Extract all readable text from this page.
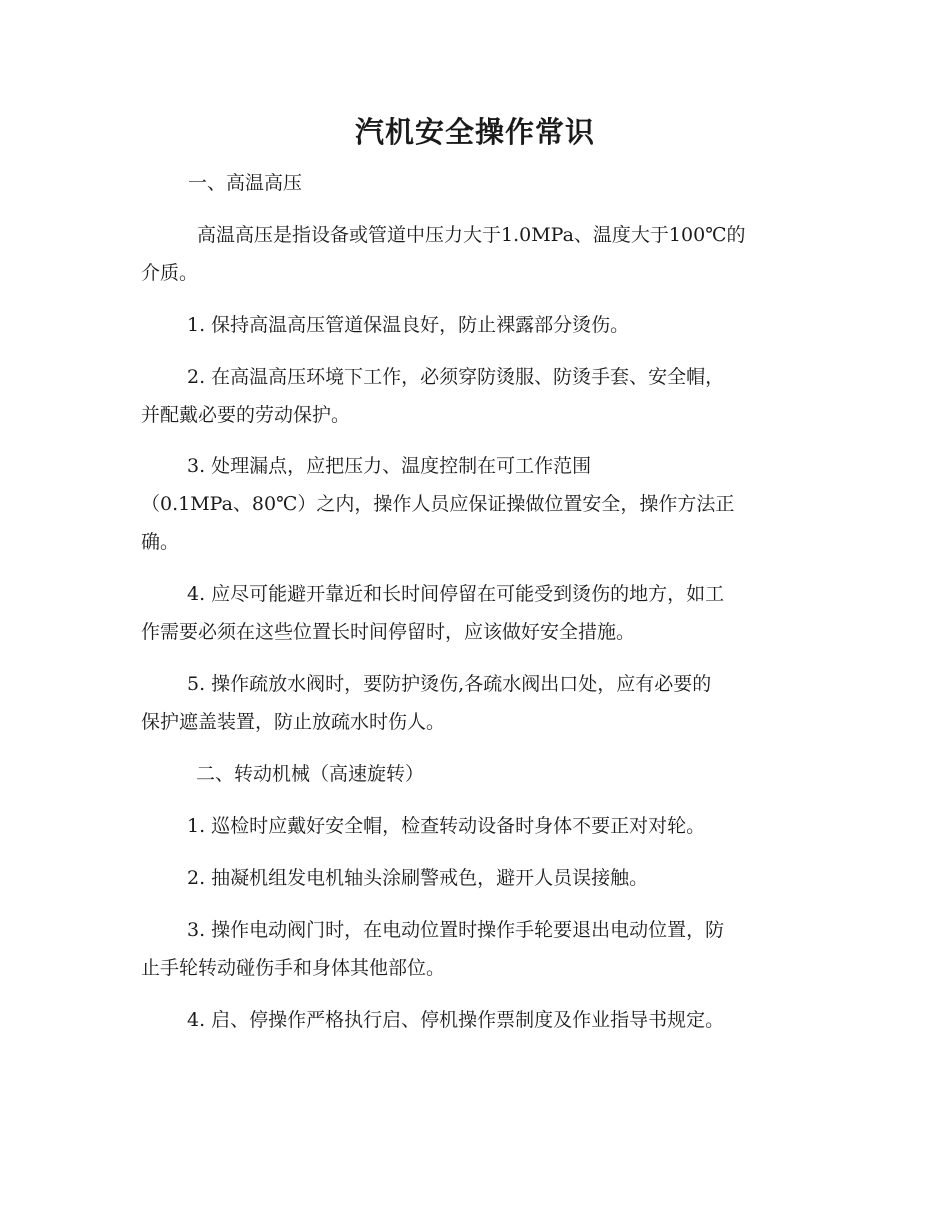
汽机安全操作常识
一、高温高压
高温高压是指设备或管道中压力大于1.0MPa、温度大于100℃的
介质。
1. 保持高温高压管道保温良好，防止裸露部分烫伤。
2. 在高温高压环境下工作，必须穿防烫服、防烫手套、安全帽，
并配戴必要的劳动保护。
3. 处理漏点，应把压力、温度控制在可工作范围
（0.1MPa、80℃）之内，操作人员应保证操做位置安全，操作方法正
确。
4. 应尽可能避开靠近和长时间停留在可能受到烫伤的地方，如工
作需要必须在这些位置长时间停留时，应该做好安全措施。
5. 操作疏放水阀时，要防护烫伤,各疏水阀出口处，应有必要的
保护遮盖装置，防止放疏水时伤人。
二、转动机械（高速旋转）
1. 巡检时应戴好安全帽，检查转动设备时身体不要正对对轮。
2. 抽凝机组发电机轴头涂刷警戒色，避开人员误接触。
3. 操作电动阀门时，在电动位置时操作手轮要退出电动位置，防
止手轮转动碰伤手和身体其他部位。
4. 启、停操作严格执行启、停机操作票制度及作业指导书规定。
